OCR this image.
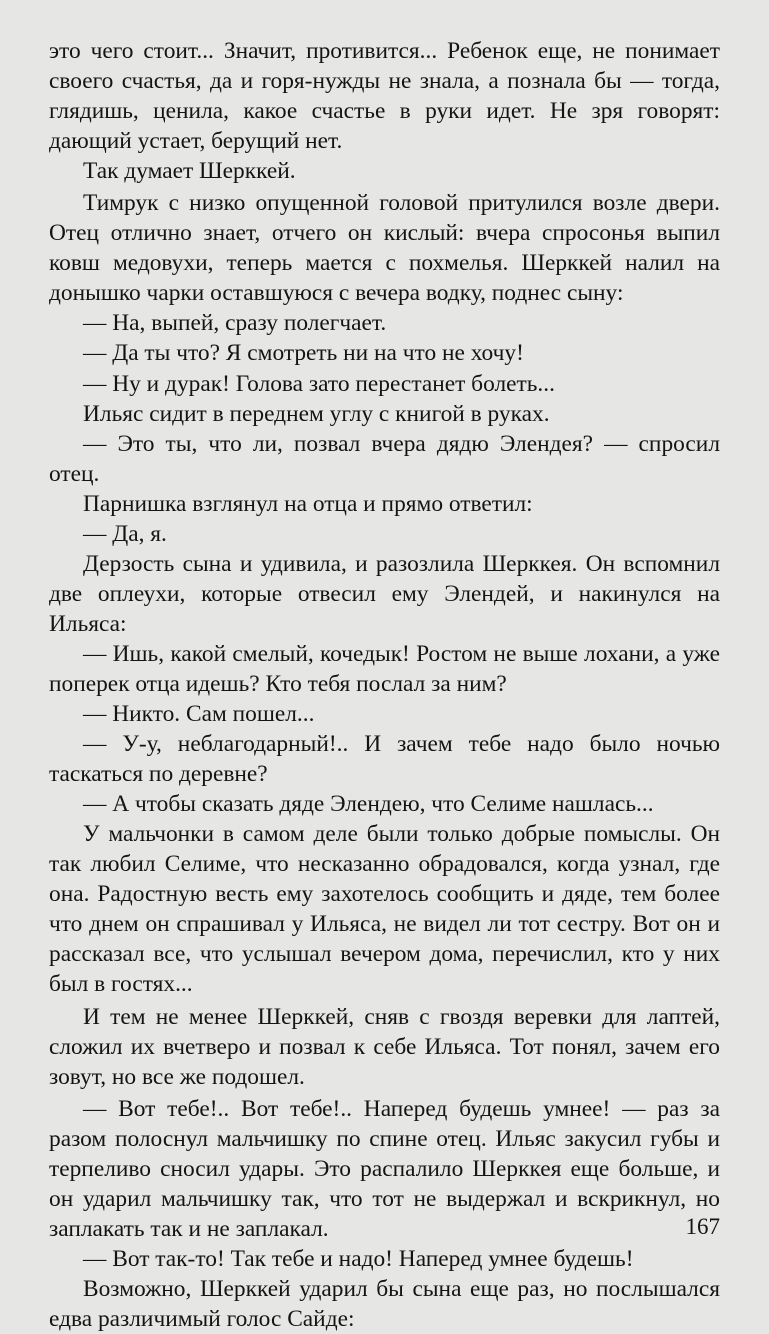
это чего стоит... Значит, противится... Ребенок еще, не понимает своего счастья, да и горя-нужды не знала, а познала бы — тогда, глядишь, ценила, какое счастье в руки идет. Не зря говорят: дающий устает, берущий нет.

Так думает Шерккей.

Тимрук с низко опущенной головой притулился возле двери. Отец отлично знает, отчего он кислый: вчера спросонья выпил ковш медовухи, теперь мается с похмелья. Шерккей налил на донышко чарки оставшуюся с вечера водку, поднес сыну:

— На, выпей, сразу полегчает.

— Да ты что? Я смотреть ни на что не хочу!

— Ну и дурак! Голова зато перестанет болеть...

Ильяс сидит в переднем углу с книгой в руках.

— Это ты, что ли, позвал вчера дядю Элендея? — спросил отец.

Парнишка взглянул на отца и прямо ответил:

— Да, я.

Дерзость сына и удивила, и разозлила Шерккея. Он вспомнил две оплеухи, которые отвесил ему Элендей, и накинулся на Ильяса:

— Ишь, какой смелый, кочедык! Ростом не выше лохани, а уже поперек отца идешь? Кто тебя послал за ним?

— Никто. Сам пошел...

— У-у, неблагодарный!.. И зачем тебе надо было ночью таскаться по деревне?

— А чтобы сказать дяде Элендею, что Селиме нашлась...

У мальчонки в самом деле были только добрые помыслы. Он так любил Селиме, что несказанно обрадовался, когда узнал, где она. Радостную весть ему захотелось сообщить и дяде, тем более что днем он спрашивал у Ильяса, не видел ли тот сестру. Вот он и рассказал все, что услышал вечером дома, перечислил, кто у них был в гостях...

И тем не менее Шерккей, сняв с гвоздя веревки для лаптей, сложил их вчетверо и позвал к себе Ильяса. Тот понял, зачем его зовут, но все же подошел.

— Вот тебе!.. Вот тебе!.. Наперед будешь умнее! — раз за разом полоснул мальчишку по спине отец. Ильяс закусил губы и терпеливо сносил удары. Это распалило Шерккея еще больше, и он ударил мальчишку так, что тот не выдержал и вскрикнул, но заплакать так и не заплакал.

— Вот так-то! Так тебе и надо! Наперед умнее будешь!

Возможно, Шерккей ударил бы сына еще раз, но послышался едва различимый голос Сайде:

167
